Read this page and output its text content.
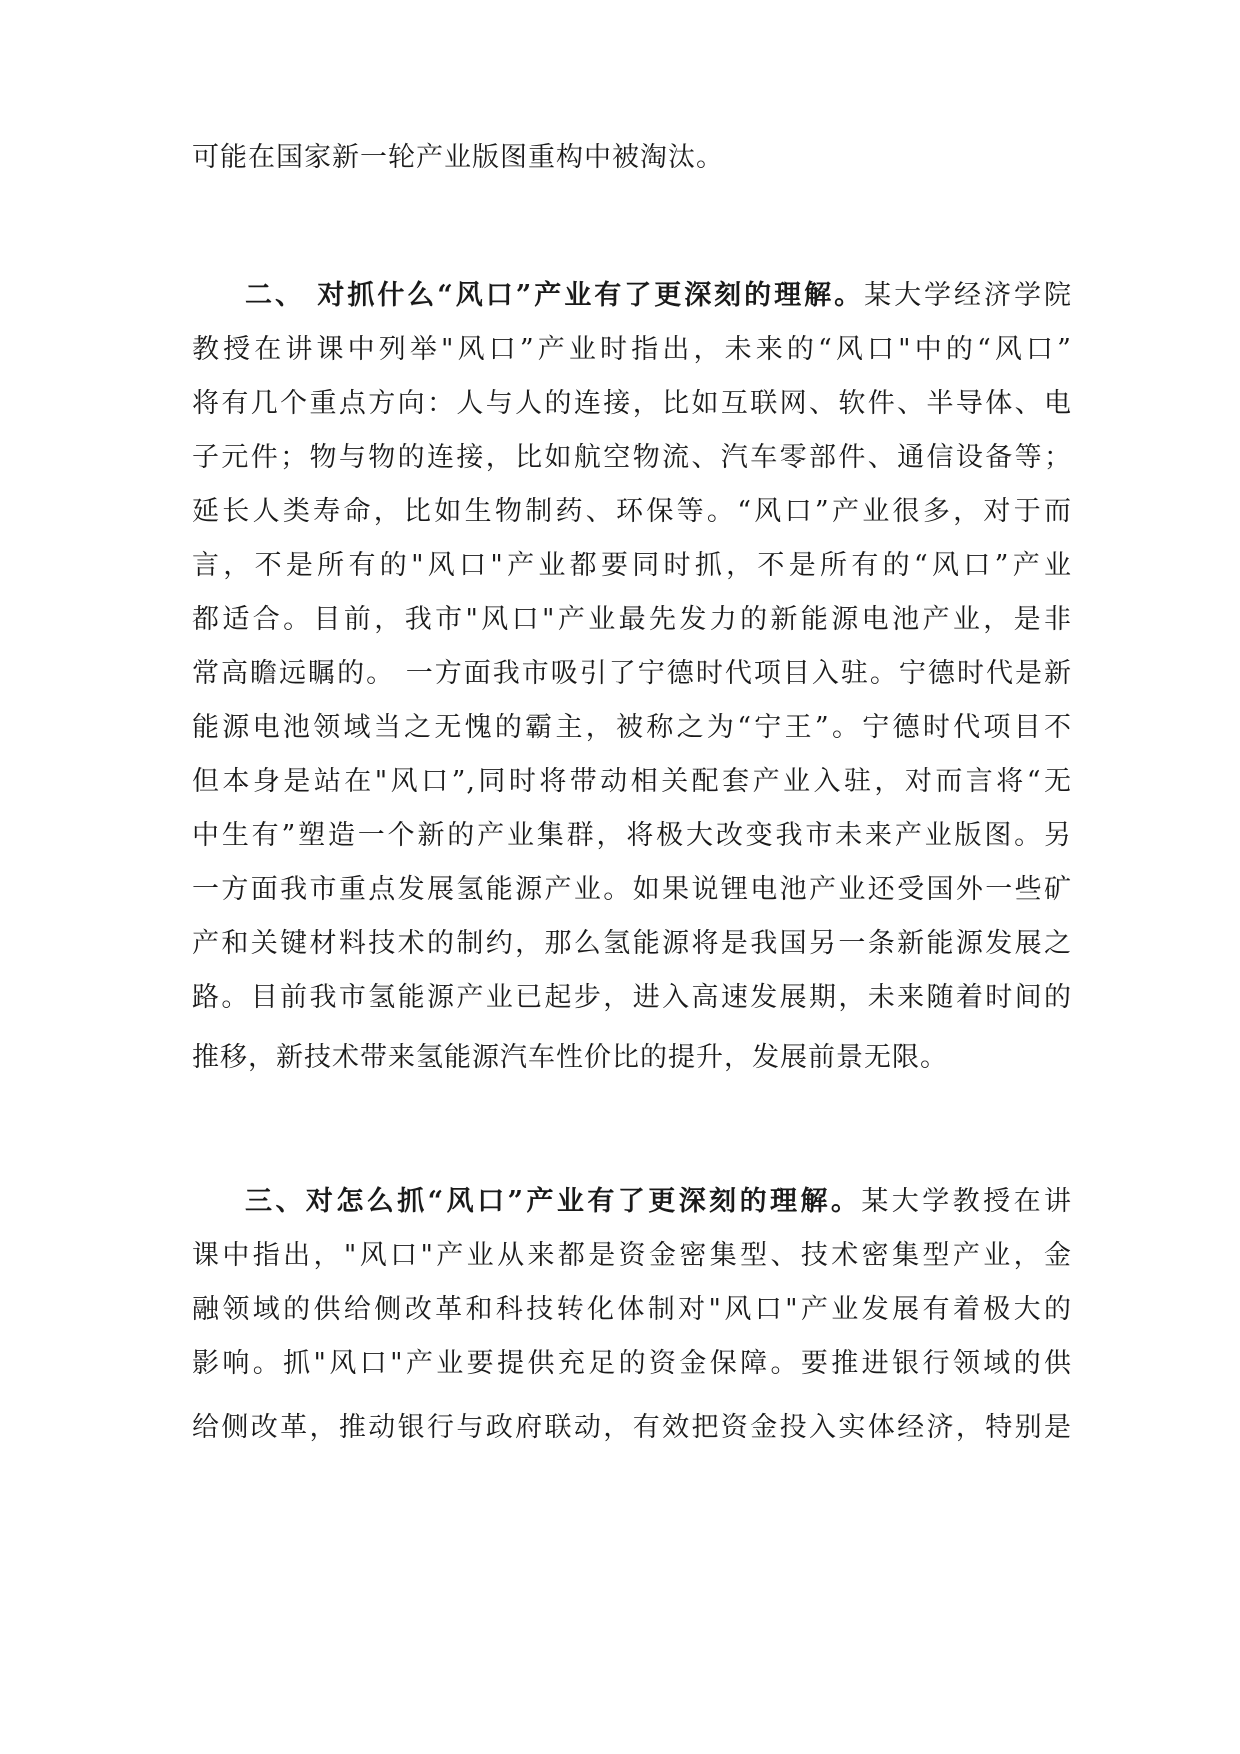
可能在国家新一轮产业版图重构中被淘汰。
二、 对抓什么“风口”产业有了更深刻的理解。某大学经济学院
教授在讲课中列举"风口”产业时指出，未来的“风口"中的“风口”
将有几个重点方向：人与人的连接，比如互联网、软件、半导体、电
子元件；物与物的连接，比如航空物流、汽车零部件、通信设备等；
延长人类寿命，比如生物制药、环保等。“风口”产业很多，对于而
言，不是所有的"风口"产业都要同时抓，不是所有的“风口”产业
都适合。目前，我市"风口"产业最先发力的新能源电池产业，是非
常高瞻远瞩的。 一方面我市吸引了宁德时代项目入驻。宁德时代是新
能源电池领域当之无愧的霸主，被称之为“宁王”。宁德时代项目不
但本身是站在"风口”,同时将带动相关配套产业入驻，对而言将“无
中生有”塑造一个新的产业集群，将极大改变我市未来产业版图。另
一方面我市重点发展氢能源产业。如果说锂电池产业还受国外一些矿
产和关键材料技术的制约，那么氢能源将是我国另一条新能源发展之
路。目前我市氢能源产业已起步，进入高速发展期，未来随着时间的
推移，新技术带来氢能源汽车性价比的提升，发展前景无限。
三、对怎么抓“风口”产业有了更深刻的理解。某大学教授在讲
课中指出，"风口"产业从来都是资金密集型、技术密集型产业，金
融领域的供给侧改革和科技转化体制对"风口"产业发展有着极大的
影响。抓"风口"产业要提供充足的资金保障。要推进银行领域的供
给侧改革，推动银行与政府联动，有效把资金投入实体经济，特别是
